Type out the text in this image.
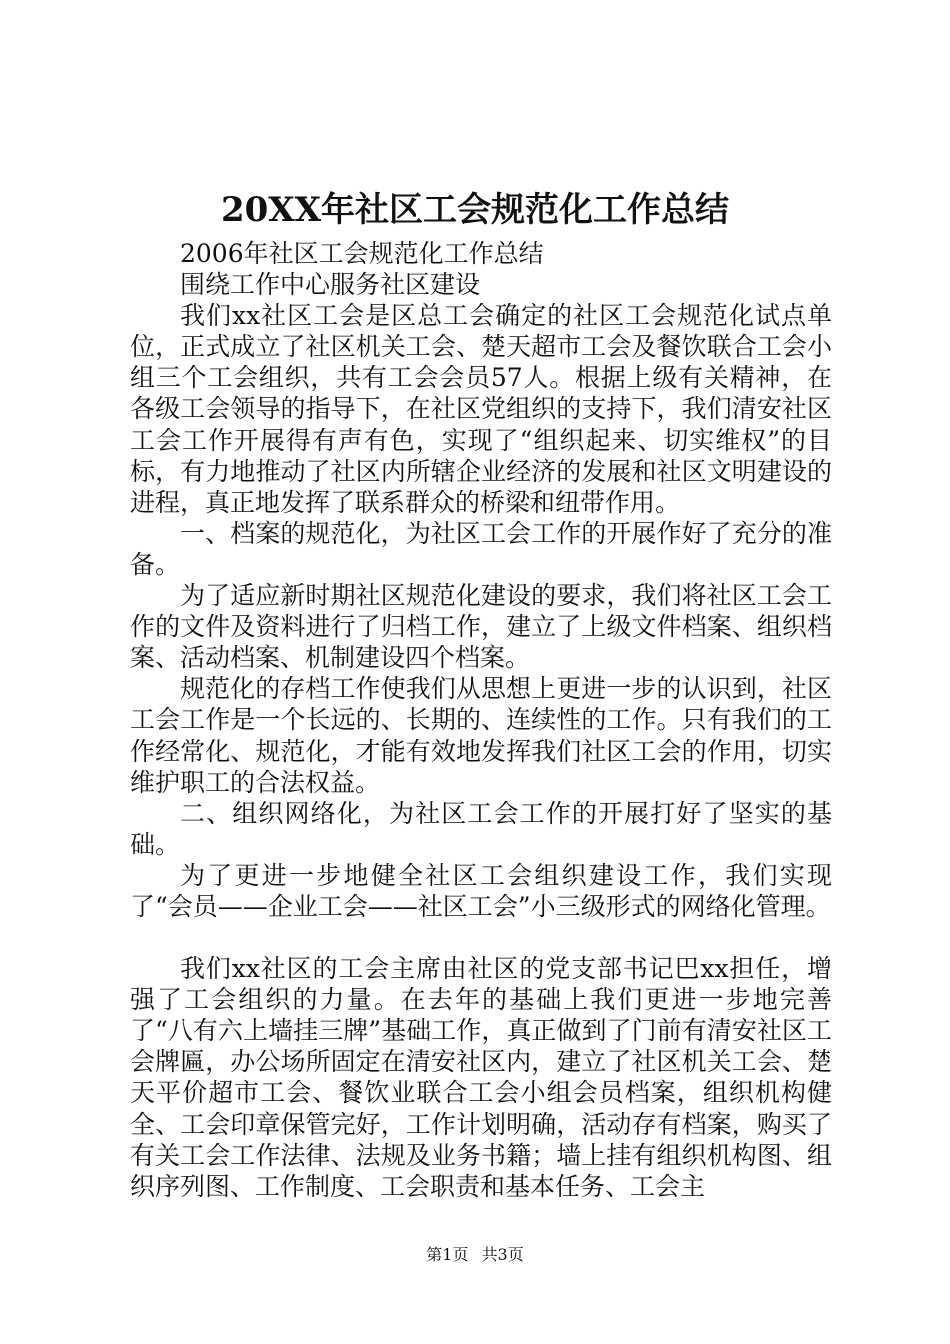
20XX年社区工会规范化工作总结

2006年社区工会规范化工作总结

围绕工作中心服务社区建设

我们xx社区工会是区总工会确定的社区工会规范化试点单位，正式成立了社区机关工会、楚天超市工会及餐饮联合工会小组三个工会组织，共有工会会员57人。根据上级有关精神，在各级工会领导的指导下，在社区党组织的支持下，我们清安社区工会工作开展得有声有色，实现了“组织起来、切实维权”的目标，有力地推动了社区内所辖企业经济的发展和社区文明建设的进程，真正地发挥了联系群众的桥梁和纽带作用。

一、档案的规范化，为社区工会工作的开展作好了充分的准备。

为了适应新时期社区规范化建设的要求，我们将社区工会工作的文件及资料进行了归档工作，建立了上级文件档案、组织档案、活动档案、机制建设四个档案。

规范化的存档工作使我们从思想上更进一步的认识到，社区工会工作是一个长远的、长期的、连续性的工作。只有我们的工作经常化、规范化，才能有效地发挥我们社区工会的作用，切实维护职工的合法权益。

二、组织网络化，为社区工会工作的开展打好了坚实的基础。

为了更进一步地健全社区工会组织建设工作，我们实现了“会员——企业工会——社区工会”小三级形式的网络化管理。

我们xx社区的工会主席由社区的党支部书记巴xx担任，增强了工会组织的力量。在去年的基础上我们更进一步地完善了“八有六上墙挂三牌”基础工作，真正做到了门前有清安社区工会牌匾，办公场所固定在清安社区内，建立了社区机关工会、楚天平价超市工会、餐饮业联合工会小组会员档案，组织机构健全、工会印章保管完好，工作计划明确，活动存有档案，购买了有关工会工作法律、法规及业务书籍；墙上挂有组织机构图、组织序列图、工作制度、工会职责和基本任务、工会主

第1页 共3页
